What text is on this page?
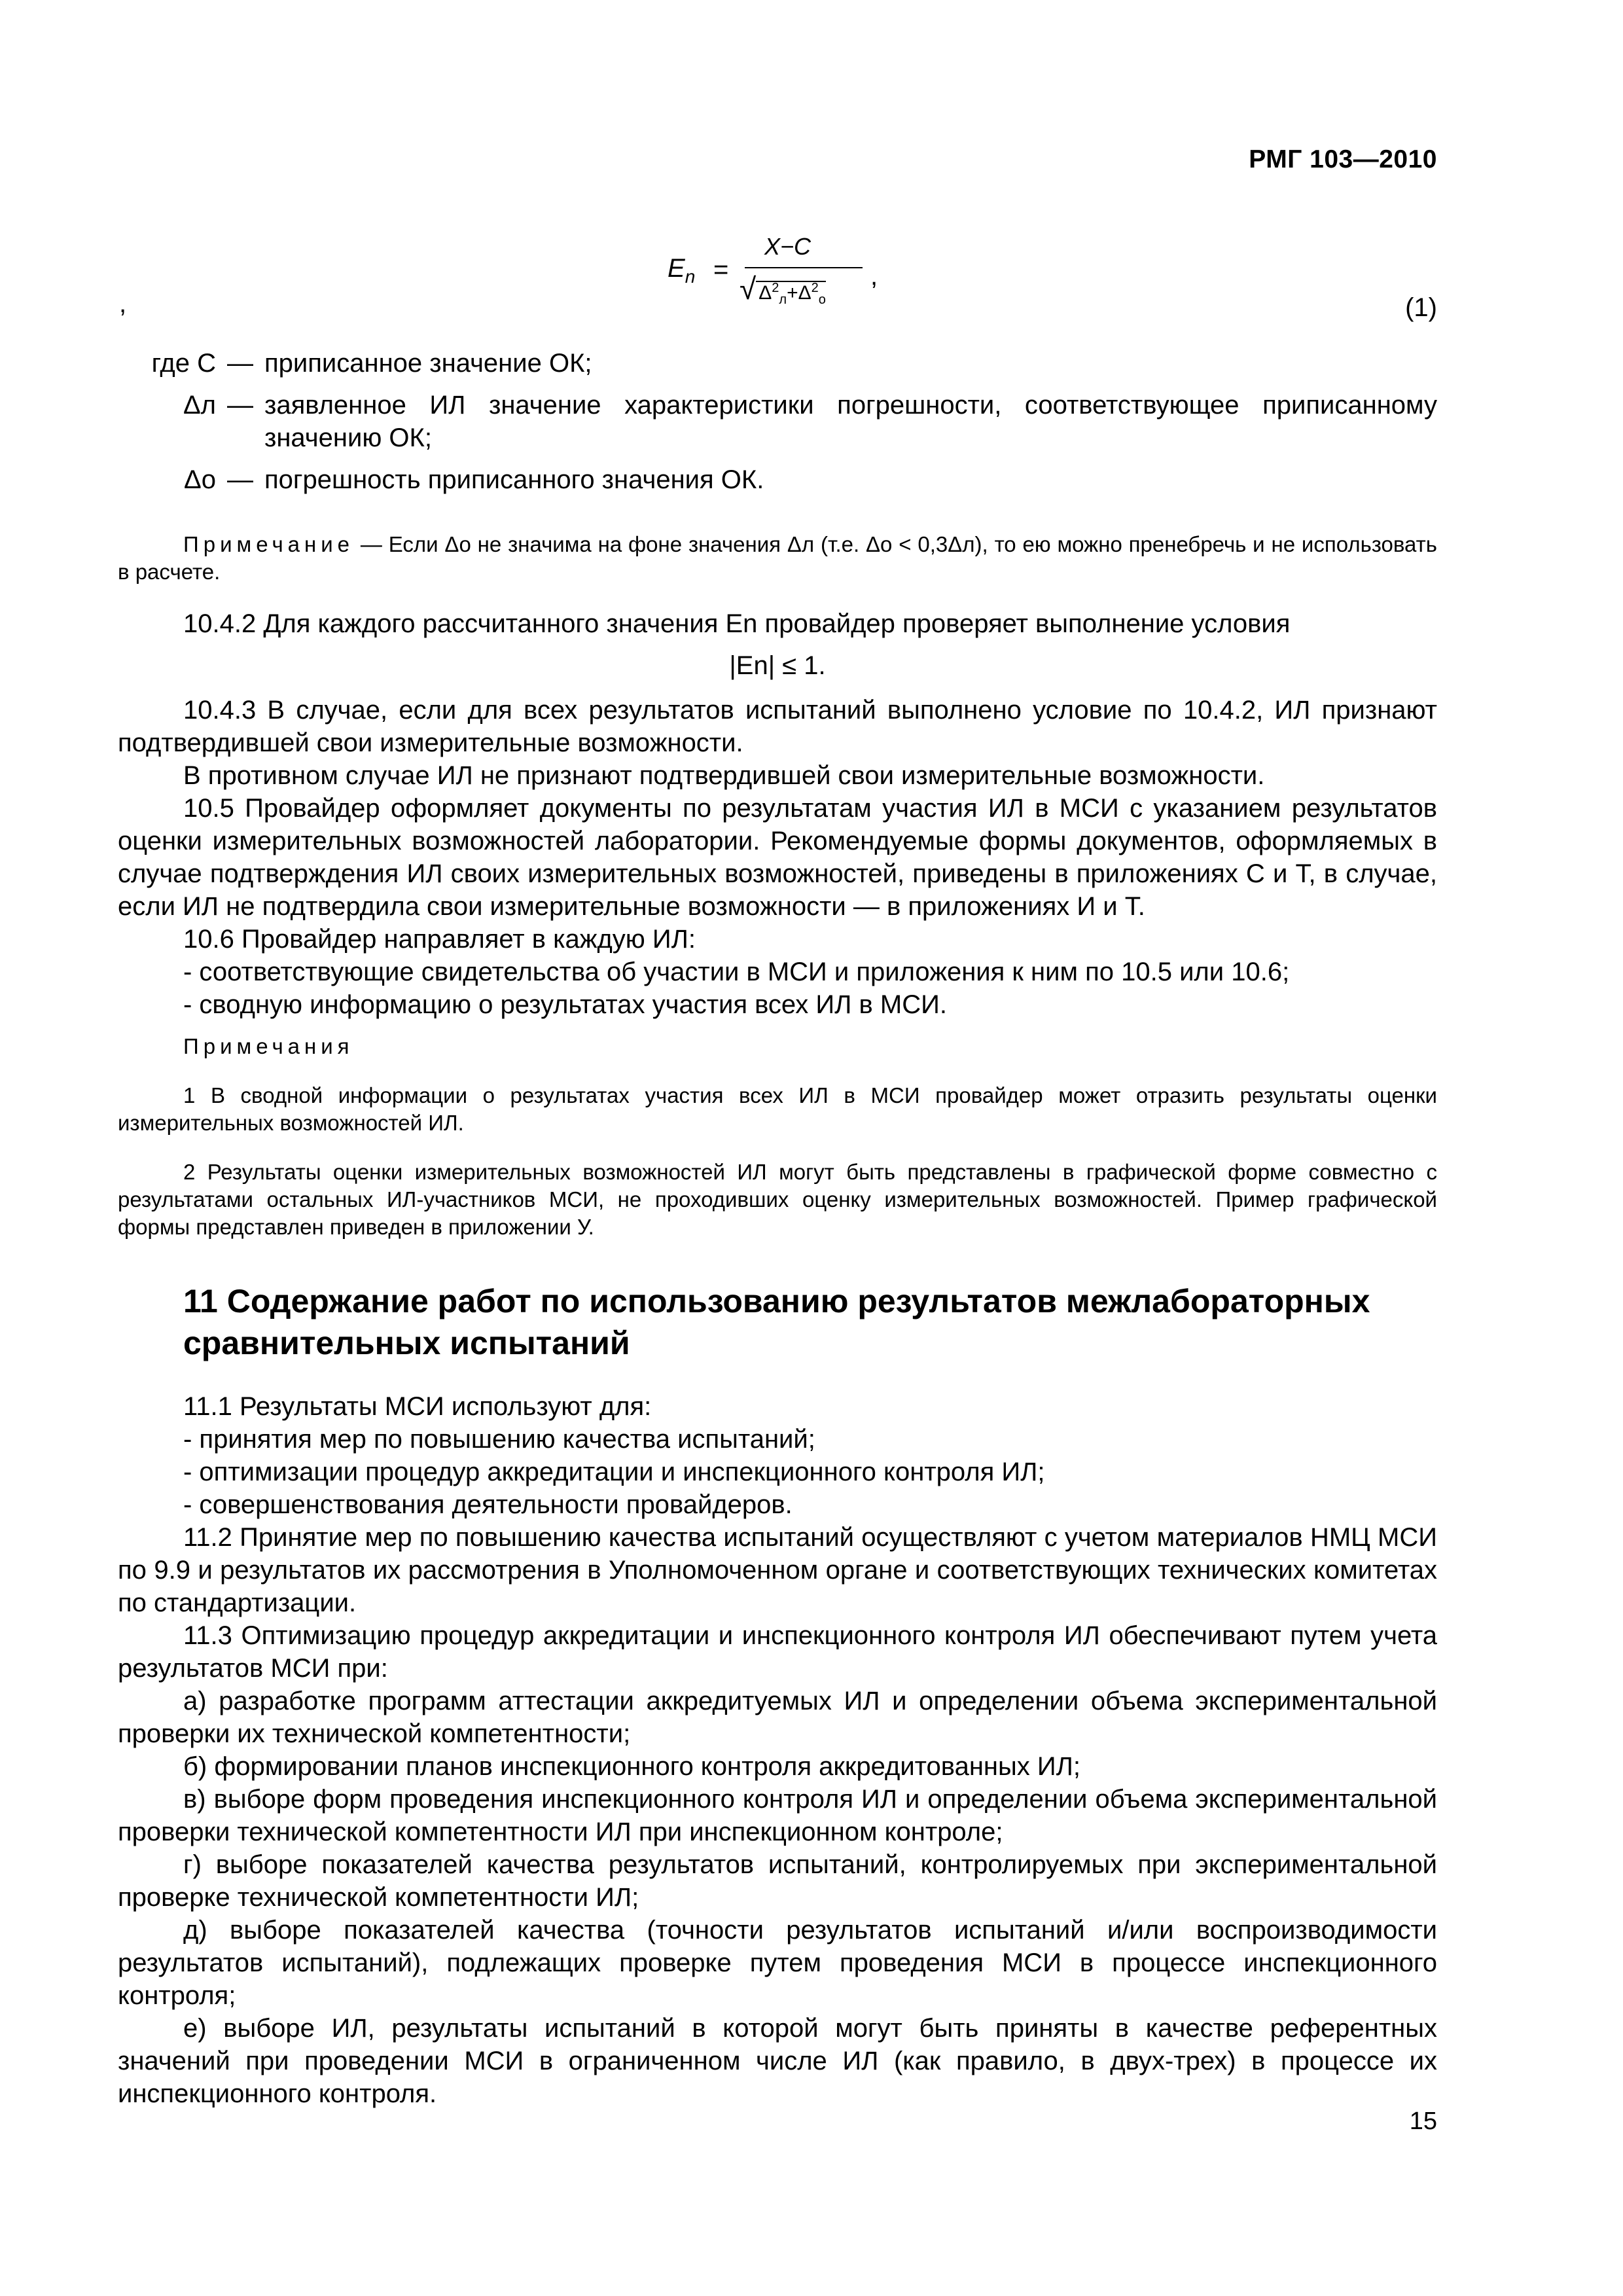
РМГ 103—2010
,
$E_n$ =
X−C
√ $\Delta^2_л+\Delta^2_о$
,
(1)
где C — приписанное значение ОК;
Δл — заявленное ИЛ значение характеристики погрешности, соответствующее приписанному значению ОК;
Δо — погрешность приписанного значения ОК.

Примечание — Если Δо не значима на фоне значения Δл (т.е. Δо < 0,3Δл), то ею можно пренебречь и не использовать в расчете.

10.4.2 Для каждого рассчитанного значения En провайдер проверяет выполнение условия

|En| ≤ 1.

10.4.3 В случае, если для всех результатов испытаний выполнено условие по 10.4.2, ИЛ признают подтвердившей свои измерительные возможности.

В противном случае ИЛ не признают подтвердившей свои измерительные возможности.

10.5 Провайдер оформляет документы по результатам участия ИЛ в МСИ с указанием результатов оценки измерительных возможностей лаборатории. Рекомендуемые формы документов, оформляемых в случае подтверждения ИЛ своих измерительных возможностей, приведены в приложениях С и Т, в случае, если ИЛ не подтвердила свои измерительные возможности — в приложениях И и Т.

10.6 Провайдер направляет в каждую ИЛ:

- соответствующие свидетельства об участии в МСИ и приложения к ним по 10.5 или 10.6;

- сводную информацию о результатах участия всех ИЛ в МСИ.

Примечания

1 В сводной информации о результатах участия всех ИЛ в МСИ провайдер может отразить результаты оценки измерительных возможностей ИЛ.

2 Результаты оценки измерительных возможностей ИЛ могут быть представлены в графической форме совместно с результатами остальных ИЛ-участников МСИ, не проходивших оценку измерительных возможностей. Пример графической формы представлен приведен в приложении У.

11 Содержание работ по использованию результатов межлабораторных
сравнительных испытаний

11.1 Результаты МСИ используют для:

- принятия мер по повышению качества испытаний;

- оптимизации процедур аккредитации и инспекционного контроля ИЛ;

- совершенствования деятельности провайдеров.

11.2 Принятие мер по повышению качества испытаний осуществляют с учетом материалов НМЦ МСИ по 9.9 и результатов их рассмотрения в Уполномоченном органе и соответствующих технических комитетах по стандартизации.

11.3 Оптимизацию процедур аккредитации и инспекционного контроля ИЛ обеспечивают путем учета результатов МСИ при:

а) разработке программ аттестации аккредитуемых ИЛ и определении объема экспериментальной проверки их технической компетентности;

б) формировании планов инспекционного контроля аккредитованных ИЛ;

в) выборе форм проведения инспекционного контроля ИЛ и определении объема экспериментальной проверки технической компетентности ИЛ при инспекционном контроле;

г) выборе показателей качества результатов испытаний, контролируемых при экспериментальной проверке технической компетентности ИЛ;

д) выборе показателей качества (точности результатов испытаний и/или воспроизводимости результатов испытаний), подлежащих проверке путем проведения МСИ в процессе инспекционного контроля;

е) выборе ИЛ, результаты испытаний в которой могут быть приняты в качестве референтных значений при проведении МСИ в ограниченном числе ИЛ (как правило, в двух-трех) в процессе их инспекционного контроля.

15
